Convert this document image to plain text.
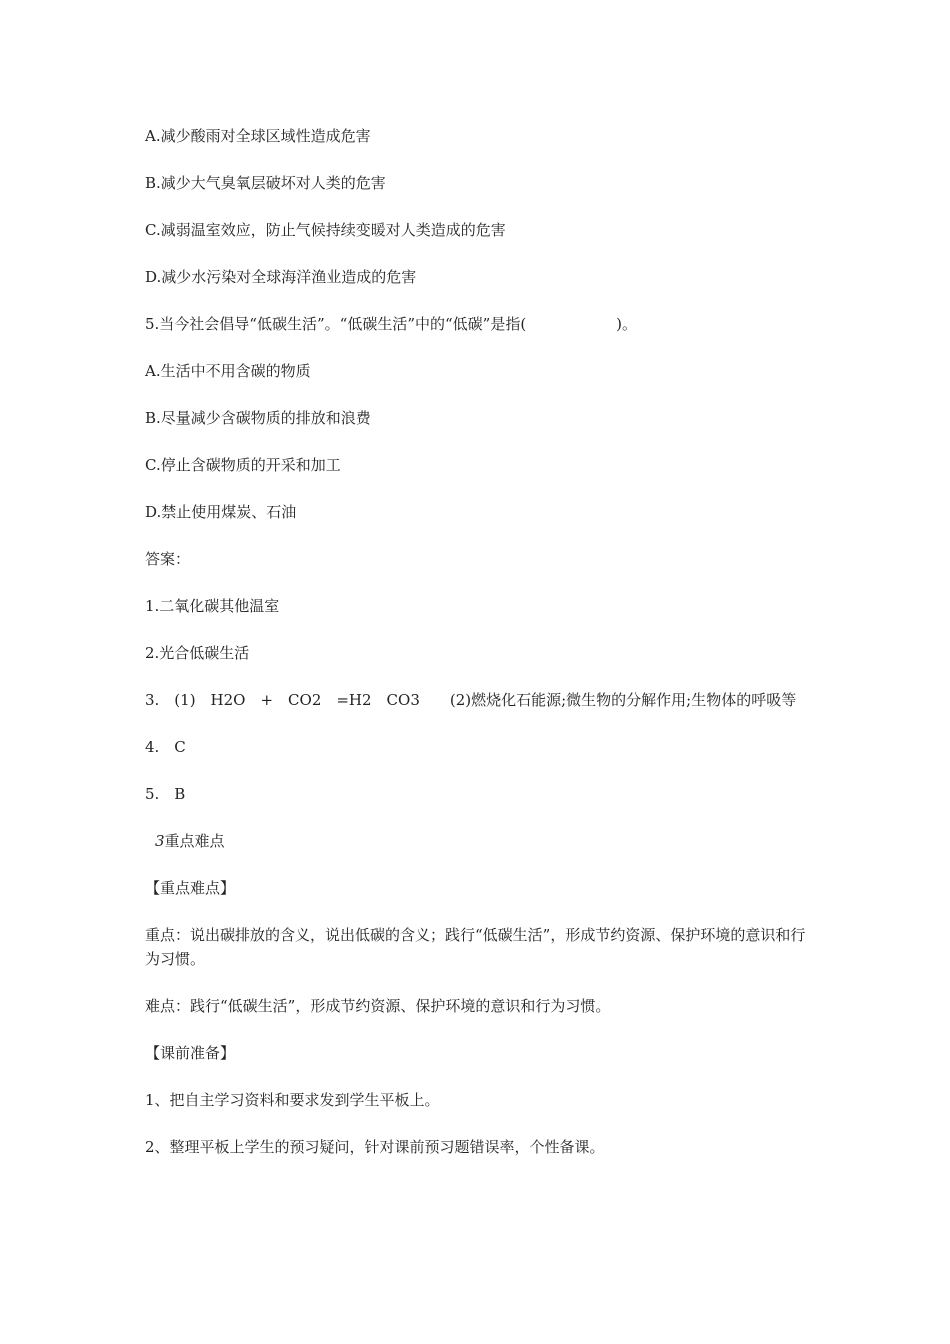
A.减少酸雨对全球区域性造成危害

B.减少大气臭氧层破坏对人类的危害

C.减弱温室效应，防止气候持续变暖对人类造成的危害

D.减少水污染对全球海洋渔业造成的危害

5.当今社会倡导“低碳生活”。“低碳生活”中的“低碳”是指(　　　　　　)。

A.生活中不用含碳的物质

B.尽量减少含碳物质的排放和浪费

C.停止含碳物质的开采和加工

D.禁止使用煤炭、石油

答案：

1.二氧化碳其他温室

2.光合低碳生活

3.　(1)　H2O　+　CO2　=H2　CO3　　(2)燃烧化石能源;微生物的分解作用;生物体的呼吸等

4.　C

5.　B

3重点难点

【重点难点】

重点：说出碳排放的含义，说出低碳的含义；践行“低碳生活”，形成节约资源、保护环境的意识和行为习惯。

难点：践行“低碳生活”，形成节约资源、保护环境的意识和行为习惯。

【课前准备】

1、把自主学习资料和要求发到学生平板上。

2、整理平板上学生的预习疑问，针对课前预习题错误率，个性备课。
